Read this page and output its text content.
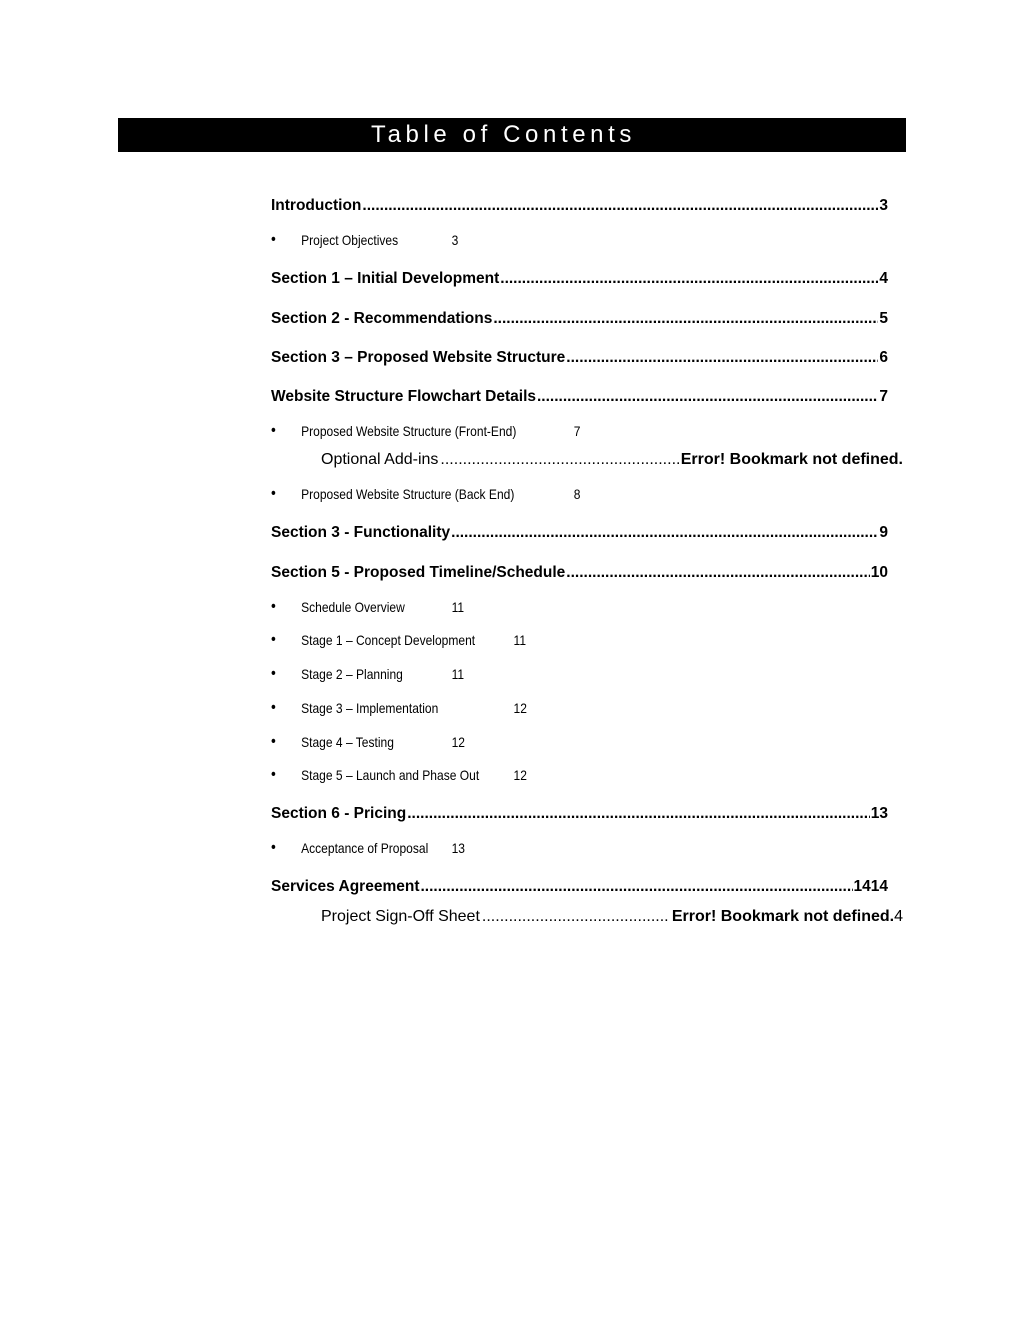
Table of Contents
Introduction .....	3
• Project Objectives	3
Section 1 – Initial Development .....	4
Section 2 - Recommendations .....	5
Section 3 – Proposed Website Structure .....	6
Website Structure Flowchart Details .....	7
• Proposed Website Structure (Front-End)	7
Optional Add-ins .....	Error! Bookmark not defined.
• Proposed Website Structure (Back End)	8
Section 3 - Functionality .....	9
Section 5 - Proposed Timeline/Schedule .....	10
• Schedule Overview	11
• Stage 1 – Concept Development	11
• Stage 2 – Planning	11
• Stage 3 – Implementation	12
• Stage 4 – Testing	12
• Stage 5 – Launch and Phase Out 12
Section 6 - Pricing .....	13
• Acceptance of Proposal 13
Services Agreement .....	1414
Project Sign-Off Sheet .....	Error! Bookmark not defined. 4
